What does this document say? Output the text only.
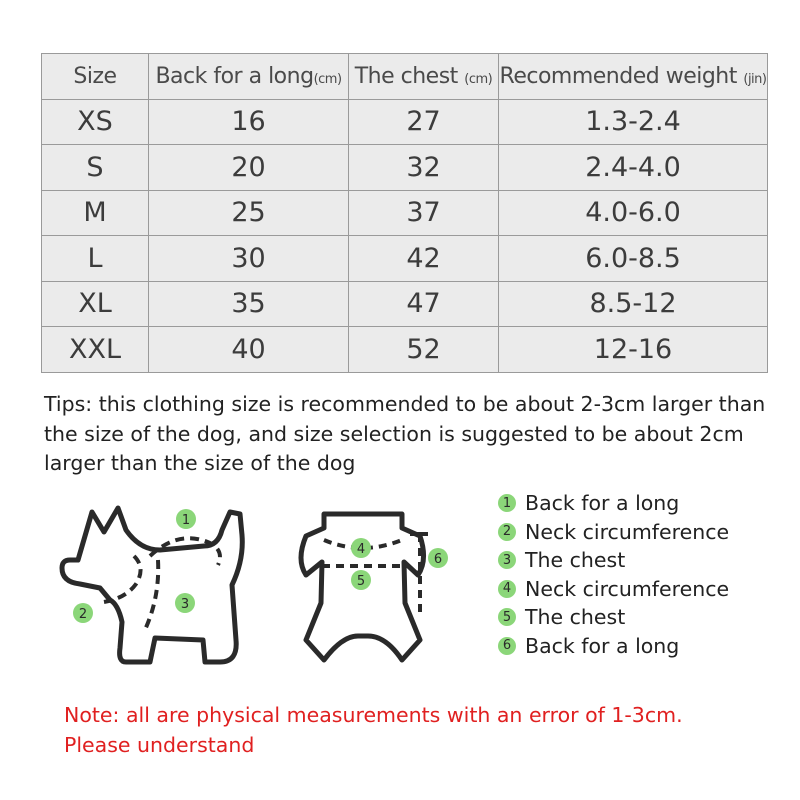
Size	Back for a long(cm)	The chest (cm)	Recommended weight (jin)
XS	16	27	1.3-2.4
S	20	32	2.4-4.0
M	25	37	4.0-6.0
L	30	42	6.0-8.5
XL	35	47	8.5-12
XXL	40	52	12-16
Tips: this clothing size is recommended to be about 2-3cm larger than the size of the dog, and size selection is suggested to be about 2cm larger than the size of the dog
1
2
3
4
5
6
1 Back for a long
2 Neck circumference
3 The chest
4 Neck circumference
5 The chest
6 Back for a long
Note: all are physical measurements with an error of 1-3cm. Please understand
